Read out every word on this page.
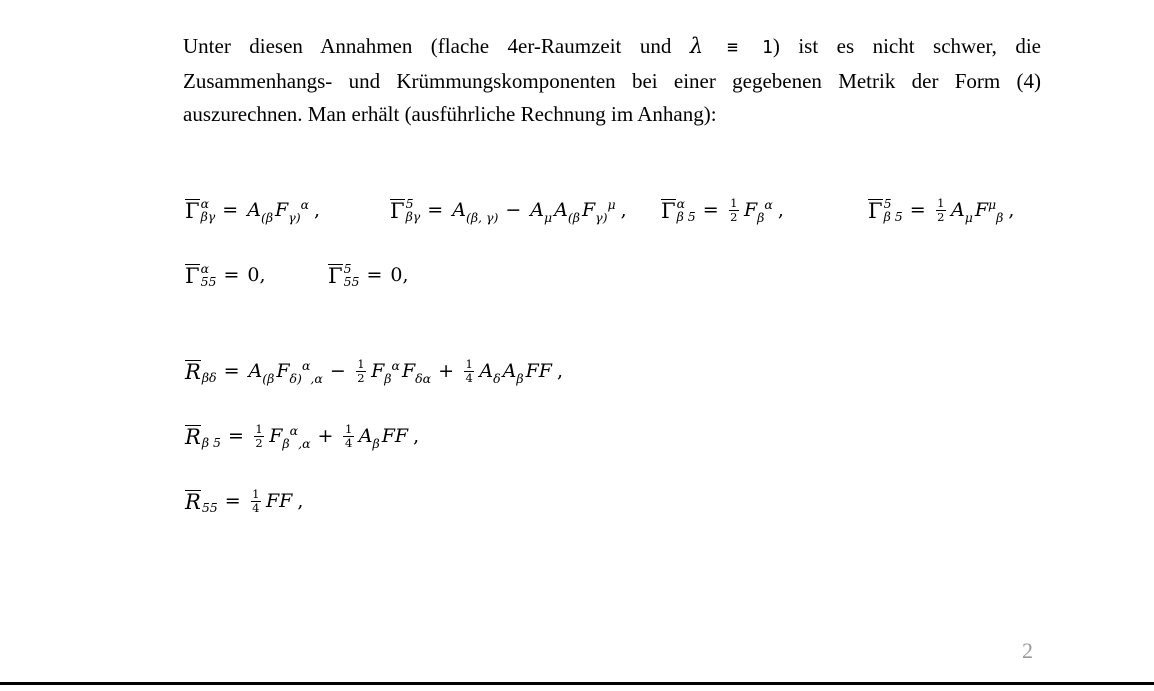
Unter diesen Annahmen (flache 4er-Raumzeit und λ ≡ 1) ist es nicht schwer, die
Zusammenhangs- und Krümmungskomponenten bei einer gegebenen Metrik der Form (4)
auszurechnen. Man erhält (ausführliche Rechnung im Anhang):
Γ α
βγ = A (β F γ)
α ,	Γ 5
βγ = A (β, γ) − A μ A (β F γ)
μ , Γ α
β $5 = \frac{1}{2}$ F β
α ,	Γ 5
β $5 = \frac{1}{2}$ A μ F μ
β ,
Γ α
55 = 0,	Γ 5
55 = 0,
R
βδ = A (β F δ)
α
$,\alpha - \frac{1}{2}$ F β
α F $\delta\alpha + \frac{1}{4}$ A δ A β FF ,
R
β $5 = \frac{1}{2}$ F β
α
$,\alpha + \frac{1}{4}$ A β FF ,
R
$55 = \frac{1}{4}$ FF ,
2
